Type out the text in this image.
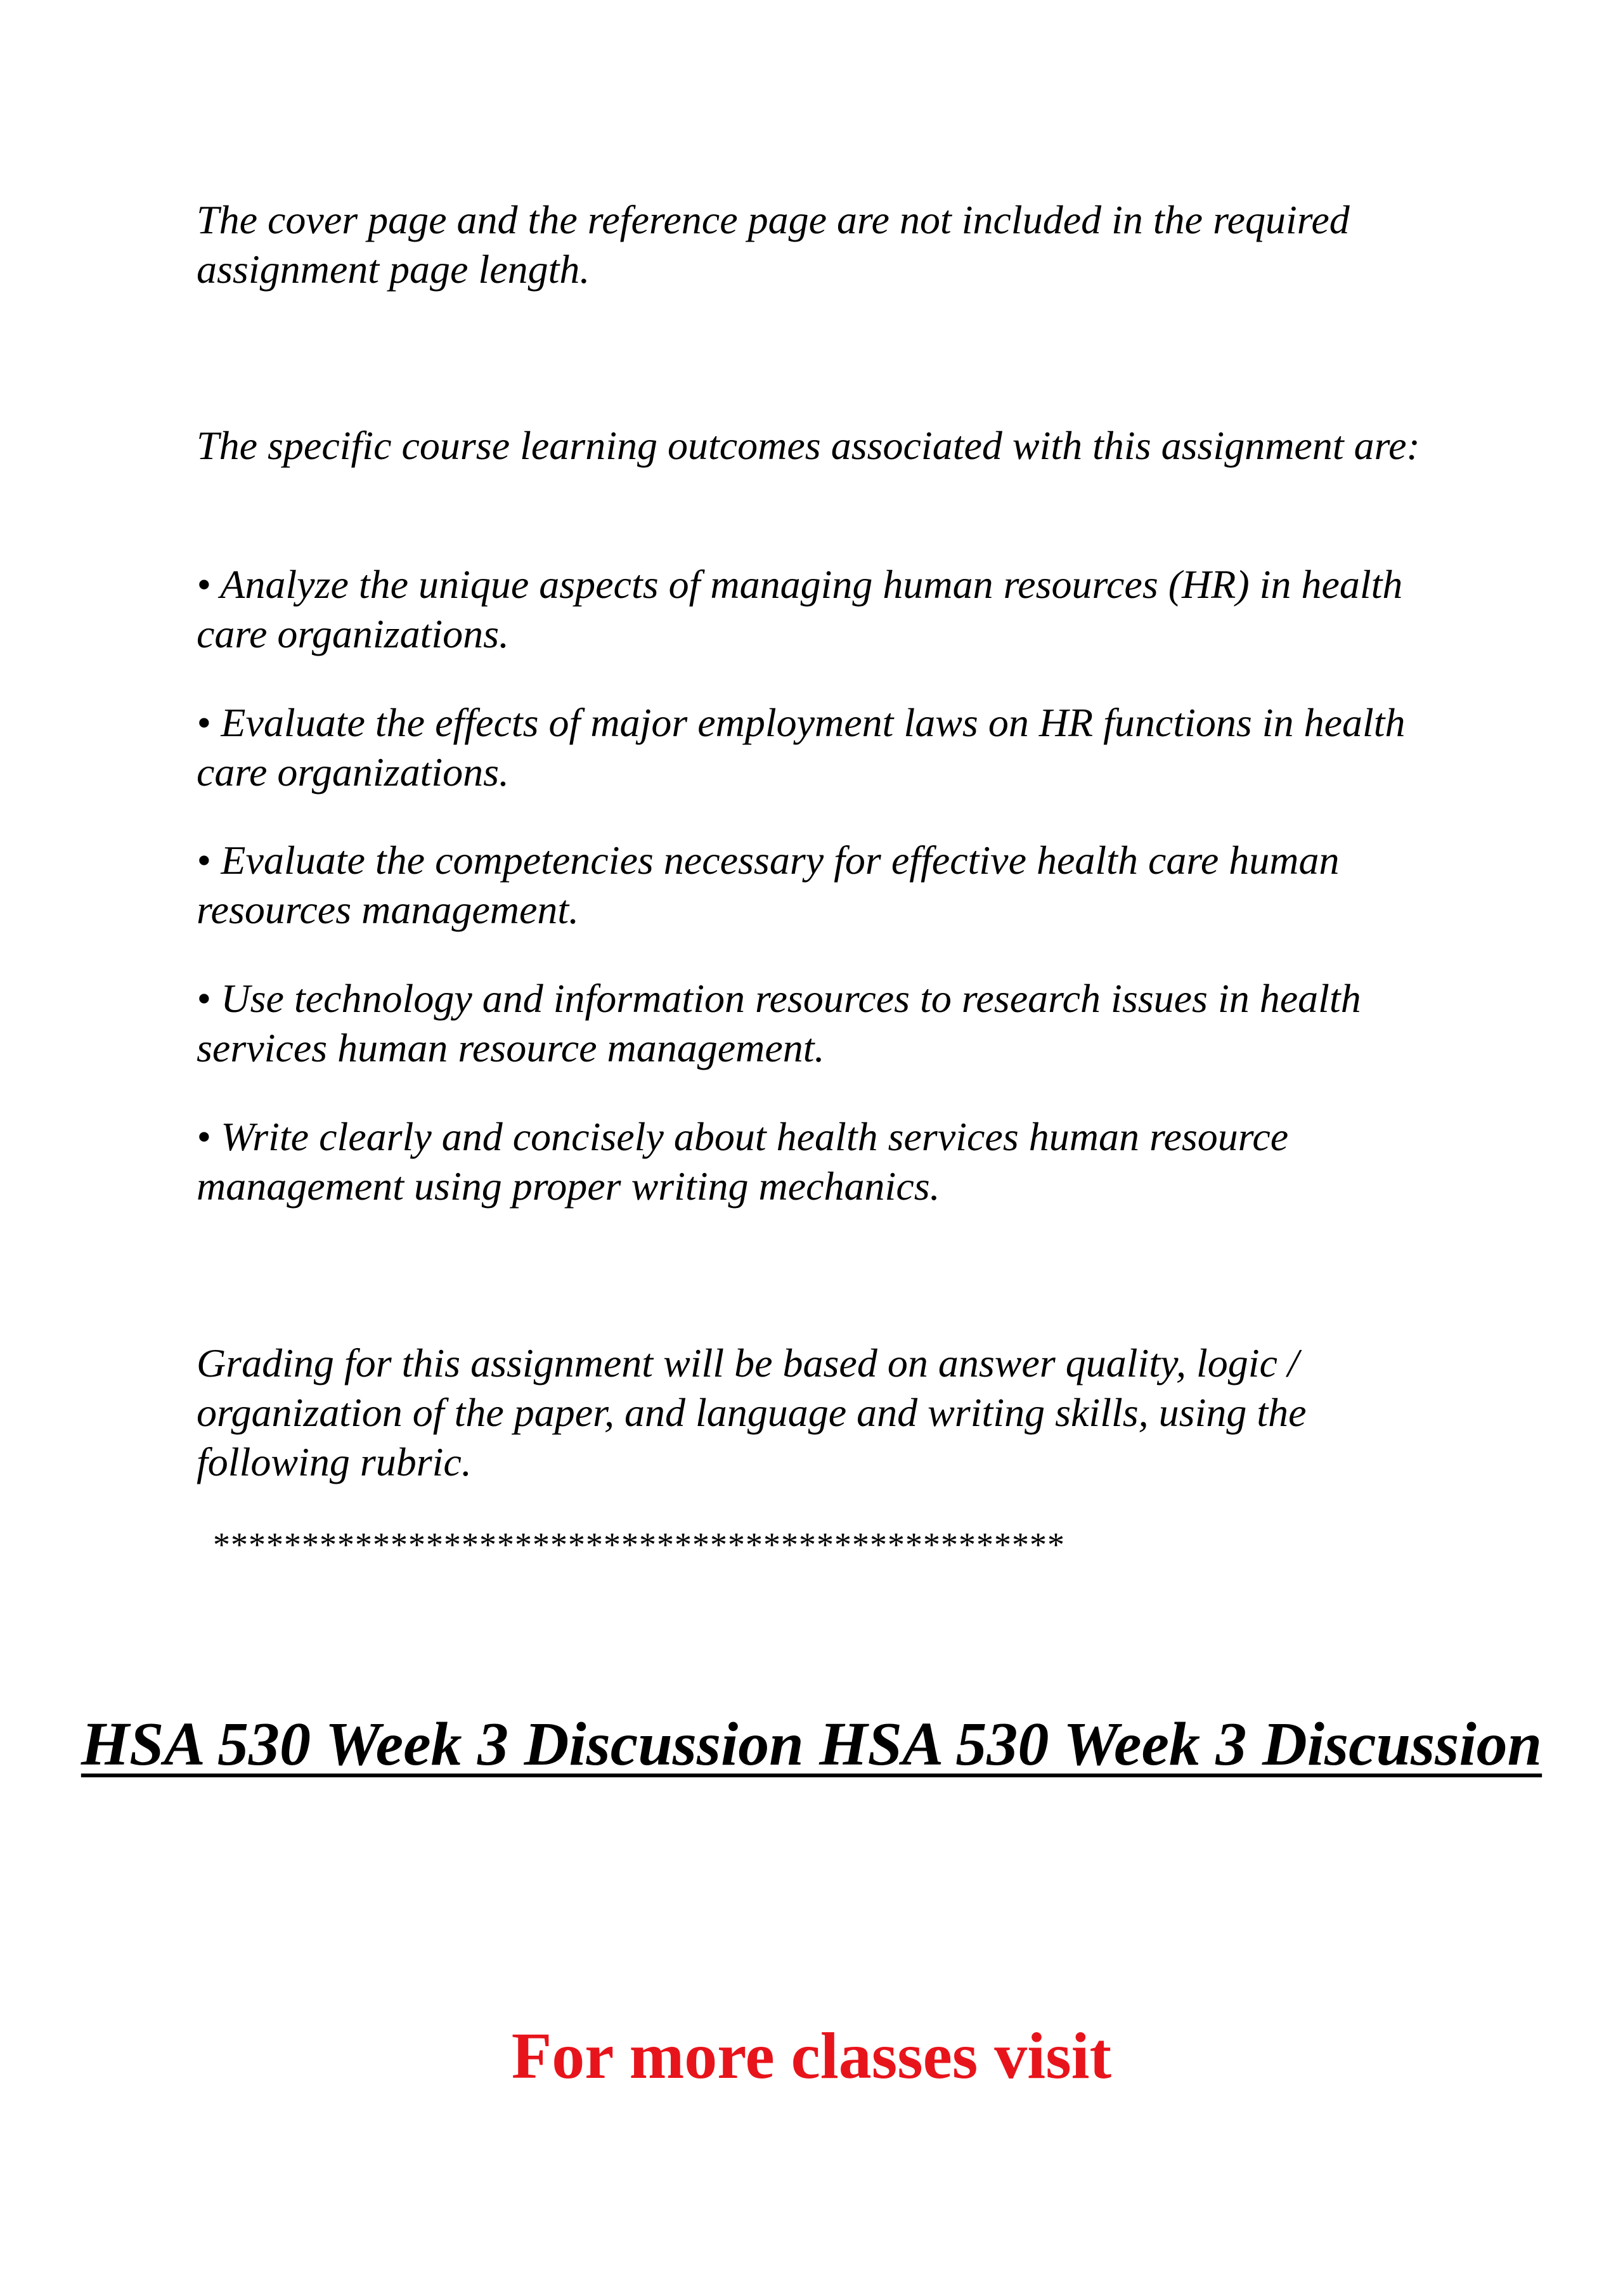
The cover page and the reference page are not included in the required assignment page length.

The specific course learning outcomes associated with this assignment are:

• Analyze the unique aspects of managing human resources (HR) in health care organizations.

• Evaluate the effects of major employment laws on HR functions in health care organizations.

• Evaluate the competencies necessary for effective health care human resources management.

• Use technology and information resources to research issues in health services human resource management.

• Write clearly and concisely about health services human resource management using proper writing mechanics.

Grading for this assignment will be based on answer quality, logic / organization of the paper, and language and writing skills, using the following rubric.

************************************************
HSA 530 Week 3 Discussion HSA 530 Week 3 Discussion

For more classes visit
